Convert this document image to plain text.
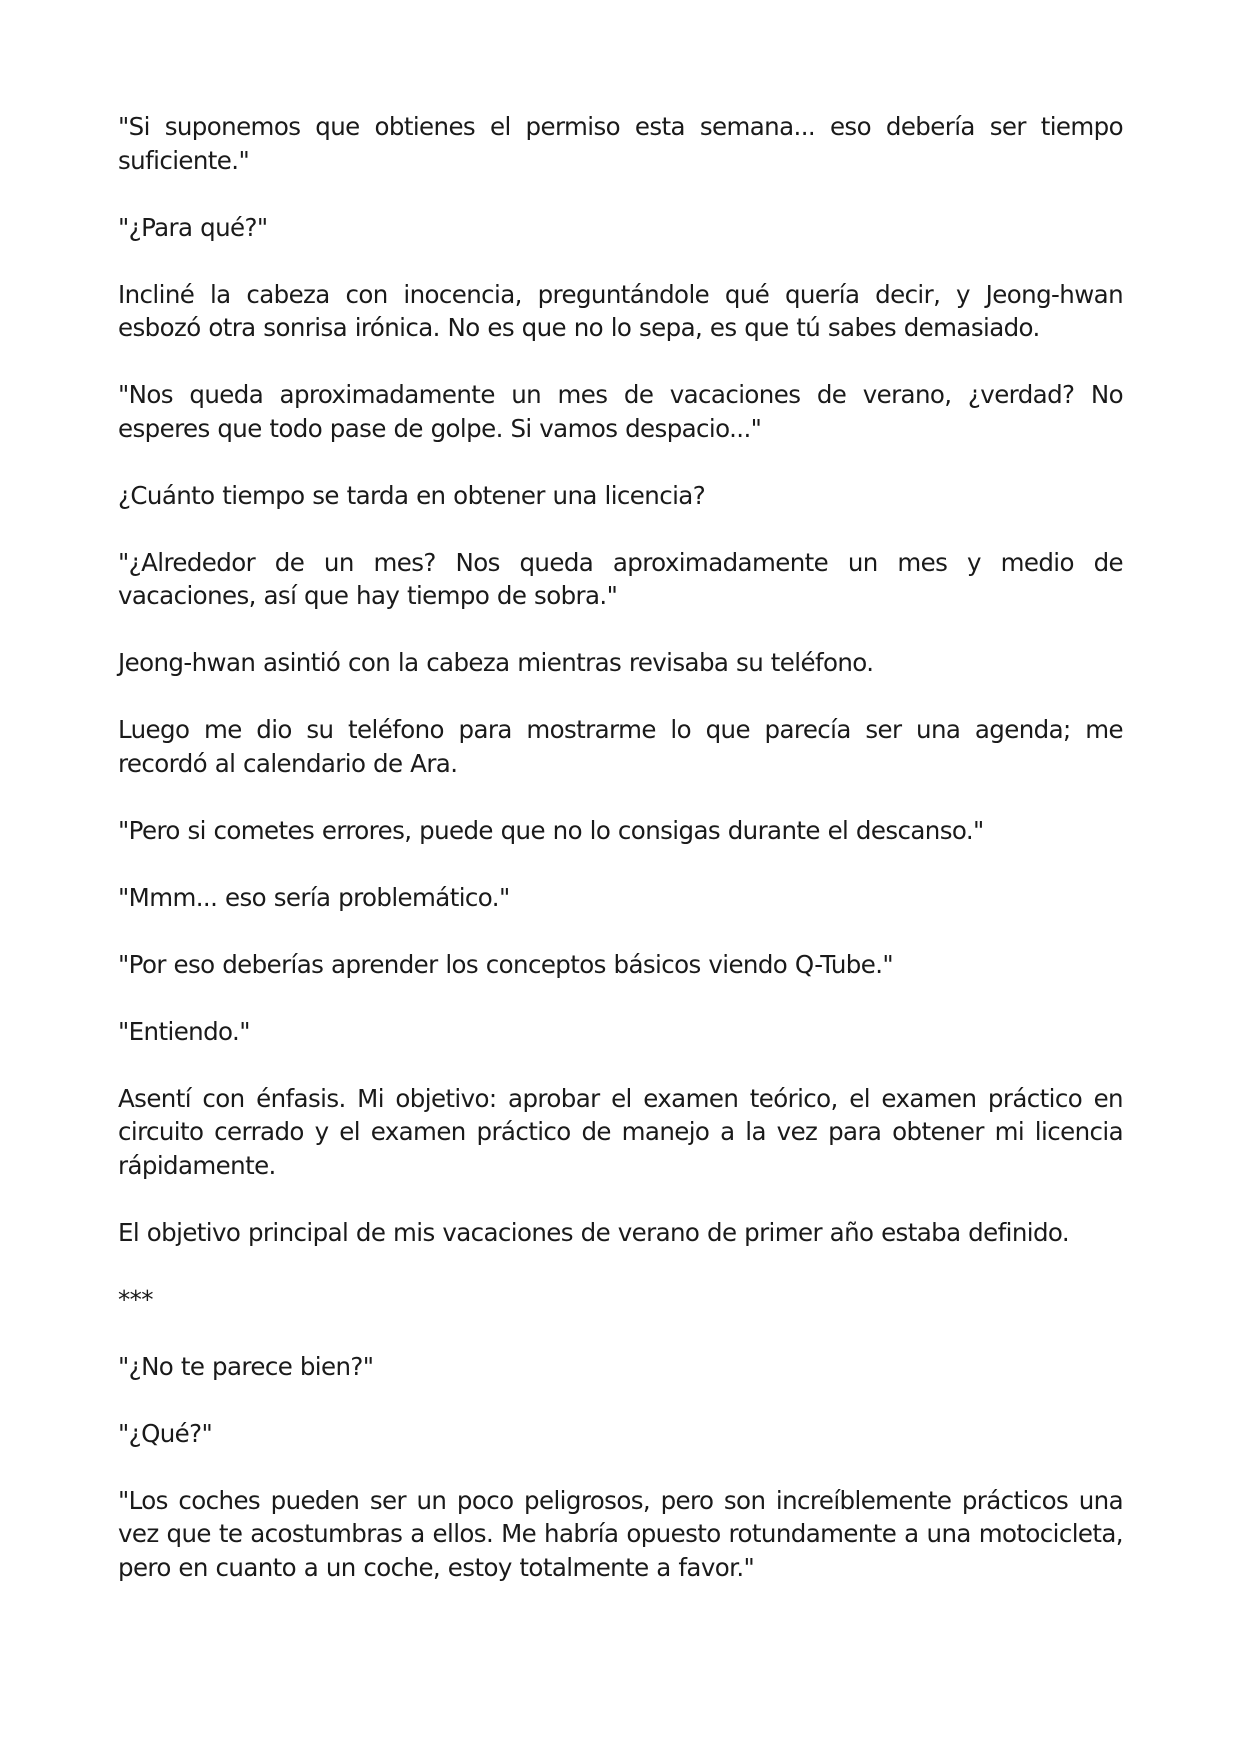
"Si suponemos que obtienes el permiso esta semana... eso debería ser tiempo suficiente."

"¿Para qué?"

Incliné la cabeza con inocencia, preguntándole qué quería decir, y Jeong-hwan esbozó otra sonrisa irónica. No es que no lo sepa, es que tú sabes demasiado.

"Nos queda aproximadamente un mes de vacaciones de verano, ¿verdad? No esperes que todo pase de golpe. Si vamos despacio..."

¿Cuánto tiempo se tarda en obtener una licencia?

"¿Alrededor de un mes? Nos queda aproximadamente un mes y medio de vacaciones, así que hay tiempo de sobra."

Jeong-hwan asintió con la cabeza mientras revisaba su teléfono.

Luego me dio su teléfono para mostrarme lo que parecía ser una agenda; me recordó al calendario de Ara.

"Pero si cometes errores, puede que no lo consigas durante el descanso."

"Mmm... eso sería problemático."

"Por eso deberías aprender los conceptos básicos viendo Q-Tube."

"Entiendo."

Asentí con énfasis. Mi objetivo: aprobar el examen teórico, el examen práctico en circuito cerrado y el examen práctico de manejo a la vez para obtener mi licencia rápidamente.

El objetivo principal de mis vacaciones de verano de primer año estaba definido.

***

"¿No te parece bien?"

"¿Qué?"

"Los coches pueden ser un poco peligrosos, pero son increíblemente prácticos una vez que te acostumbras a ellos. Me habría opuesto rotundamente a una motocicleta, pero en cuanto a un coche, estoy totalmente a favor."
